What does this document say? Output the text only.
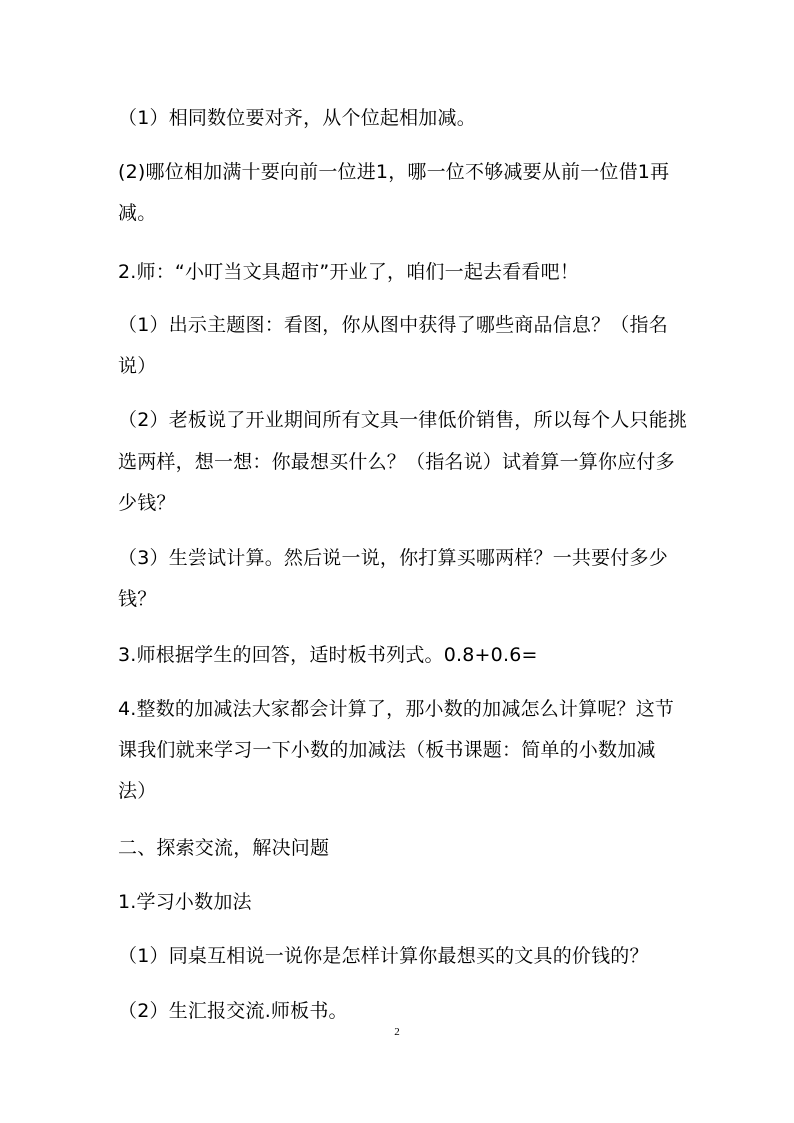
（1）相同数位要对齐，从个位起相加减。
(2)哪位相加满十要向前一位进1，哪一位不够减要从前一位借1再
减。
2.师：“小叮当文具超市”开业了，咱们一起去看看吧！
（1）出示主题图：看图，你从图中获得了哪些商品信息？（指名
说）
（2）老板说了开业期间所有文具一律低价销售，所以每个人只能挑
选两样，想一想：你最想买什么？（指名说）试着算一算你应付多
少钱？
（3）生尝试计算。然后说一说，你打算买哪两样？一共要付多少
钱？
3.师根据学生的回答，适时板书列式。0.8+0.6=
4.整数的加减法大家都会计算了，那小数的加减怎么计算呢？这节
课我们就来学习一下小数的加减法（板书课题：简单的小数加减
法）
二、探索交流，解决问题
1.学习小数加法
（1）同桌互相说一说你是怎样计算你最想买的文具的价钱的？
（2）生汇报交流.师板书。
2
